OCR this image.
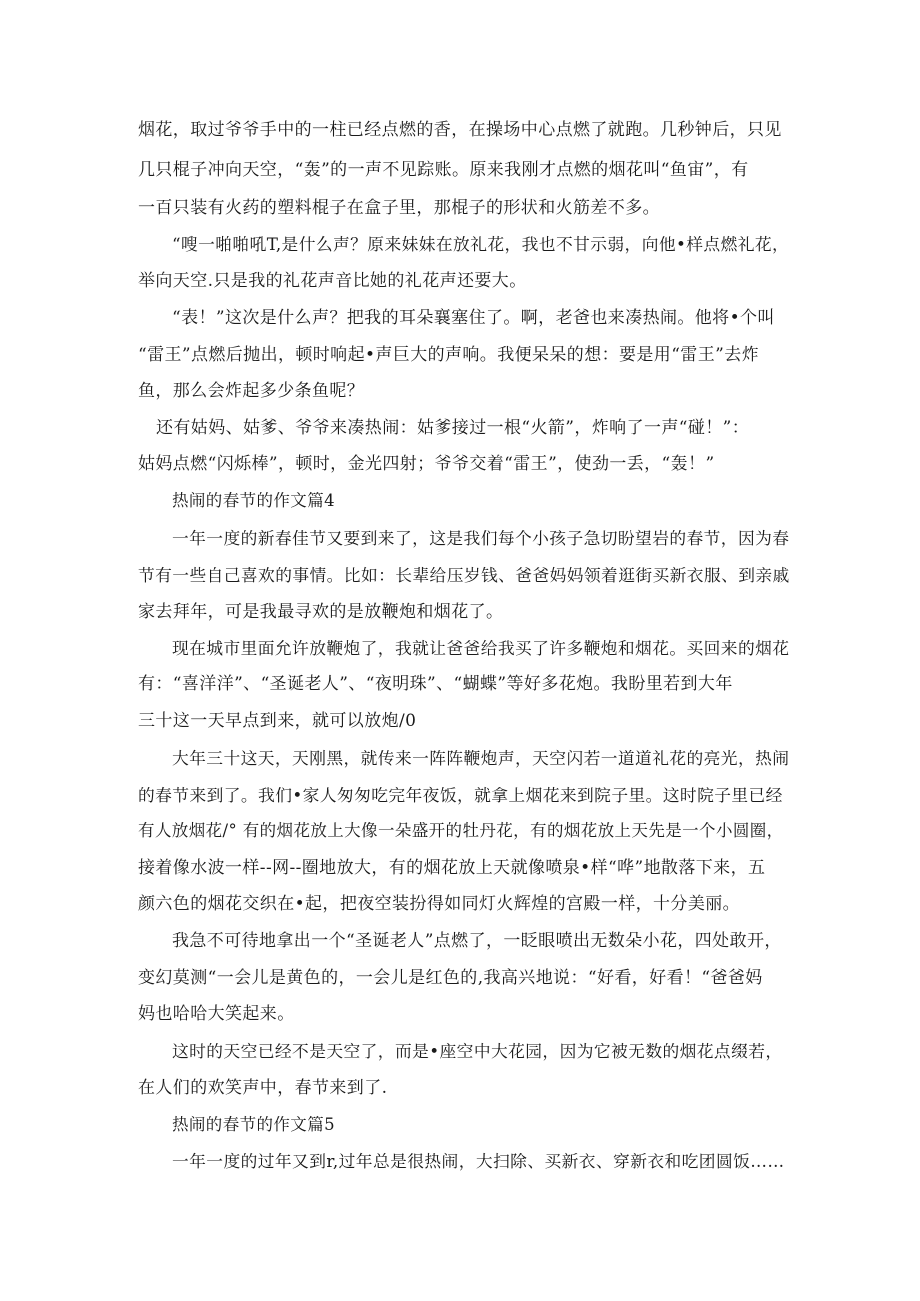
烟花，取过爷爷手中的一柱已经点燃的香，在操场中心点燃了就跑。几秒钟后，只见
几只棍子冲向天空，“轰”的一声不见踪账。原来我刚才点燃的烟花叫“鱼宙”，有
一百只装有火药的塑料棍子在盒子里，那棍子的形状和火筋差不多。
“嗖一啪啪吼T,是什么声？原来妹妹在放礼花，我也不甘示弱，向他•样点燃礼花，
举向天空.只是我的礼花声音比她的礼花声还要大。
“表！”这次是什么声？把我的耳朵襄塞住了。啊，老爸也来凑热闹。他将•个叫
“雷王”点燃后抛出，顿时响起•声巨大的声响。我便呆呆的想：要是用“雷王”去炸
鱼，那么会炸起多少条鱼呢？
还有姑妈、姑爹、爷爷来凑热闹：姑爹接过一根“火箭”，炸响了一声“碰！”：
姑妈点燃“闪烁棒”，顿时，金光四射；爷爷交着“雷王”，使劲一丢，“轰！”
热闹的春节的作文篇4
一年一度的新春佳节又要到来了，这是我们每个小孩子急切盼望岩的春节，因为春
节有一些自己喜欢的事情。比如：长辈给压岁钱、爸爸妈妈领着逛街买新衣服、到亲戚
家去拜年，可是我最寻欢的是放鞭炮和烟花了。
现在城市里面允许放鞭炮了，我就让爸爸给我买了许多鞭炮和烟花。买回来的烟花
有：“喜洋洋”、“圣诞老人”、“夜明珠”、“蝴蝶”等好多花炮。我盼里若到大年
三十这一天早点到来，就可以放炮/0
大年三十这天，天刚黑，就传来一阵阵鞭炮声，天空闪若一道道礼花的亮光，热闹
的春节来到了。我们•家人匆匆吃完年夜饭，就拿上烟花来到院子里。这时院子里已经
有人放烟花/° 有的烟花放上大像一朵盛开的牡丹花，有的烟花放上天先是一个小圆圈，
接着像水波一样--网--圈地放大，有的烟花放上天就像喷泉•样“哗”地散落下来，五
颜六色的烟花交织在•起，把夜空装扮得如同灯火辉煌的宫殿一样，十分美丽。
我急不可待地拿出一个“圣诞老人”点燃了，一眨眼喷出无数朵小花，四处敢开，
变幻莫测“一会儿是黄色的，一会儿是红色的,我高兴地说：“好看，好看！“爸爸妈
妈也哈哈大笑起来。
这时的天空已经不是天空了，而是•座空中大花园，因为它被无数的烟花点缀若，
在人们的欢笑声中，春节来到了.
热闹的春节的作文篇5
一年一度的过年又到r,过年总是很热闹，大扫除、买新衣、穿新衣和吃团圆饭……
